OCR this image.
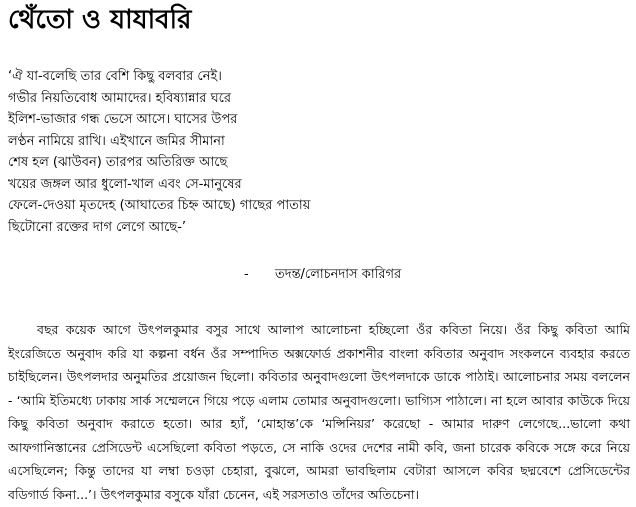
থেঁতো ও যাযাবরি
‘ঐ যা-বলেছি তার বেশি কিছু বলবার নেই।
গভীর নিয়তিবোধ আমাদের। হবিষ্যান্নার ঘরে
ইলিশ-ভাজার গন্ধ ভেসে আসে। ঘাসের উপর
লণ্ঠন নামিয়ে রাখি। এইখানে জমির সীমানা
শেষ হল (ঝাউবন) তারপর অতিরিক্ত আছে
খয়ের জঙ্গল আর ধুলো-খাল এবং সে-মানুষের
ফেলে-দেওয়া মৃতদেহ (আঘাতের চিহ্ন আছে) গাছের পাতায়
ছিটোনো রক্তের দাগ লেগে আছে-’
- তদন্ত/লোচনদাস কারিগর
বছর কয়েক আগে উৎপলকুমার বসুর সাথে আলাপ আলোচনা হচ্ছিলো ওঁর কবিতা নিয়ে। ওঁর কিছু কবিতা আমি ইংরেজিতে অনুবাদ করি যা কল্পনা বর্ধন ওঁর সম্পাদিত অক্সফোর্ড প্রকাশনীর বাংলা কবিতার অনুবাদ সংকলনে ব্যবহার করতে চাইছিলেন। উৎপলদার অনুমতির প্রয়োজন ছিলো। কবিতার অনুবাদগুলো উৎপলদাকে ডাকে পাঠাই। আলোচনার সময় বললেন - ‘আমি ইতিমধ্যে ঢাকায় সার্ক সম্মেলনে গিয়ে পড়ে এলাম তোমার অনুবাদগুলো। ভাগ্যিস পাঠালে। না হলে আবার কাউকে দিয়ে কিছু কবিতা অনুবাদ করাতে হতো। আর হ্যাঁ, ‘মোহান্ত’কে ‘মন্সিনিয়র’ করেছো - আমার দারুণ লেগেছে...ভালো কথা আফগানিস্তানের প্রেসিডেন্ট এসেছিলো কবিতা পড়তে, সে নাকি ওদের দেশের নামী কবি, জনা চারেক কবিকে সঙ্গে করে নিয়ে এসেছিলেন; কিন্তু তাদের যা লম্বা চওড়া চেহারা, বুঝলে, আমরা ভাবছিলাম বেটারা আসলে কবির ছদ্মবেশে প্রেসিডেন্টের বডিগার্ড কিনা...’। উৎপলকুমার বসুকে যাঁরা চেনেন, এই সরসতাও তাঁদের অতিচেনা।
